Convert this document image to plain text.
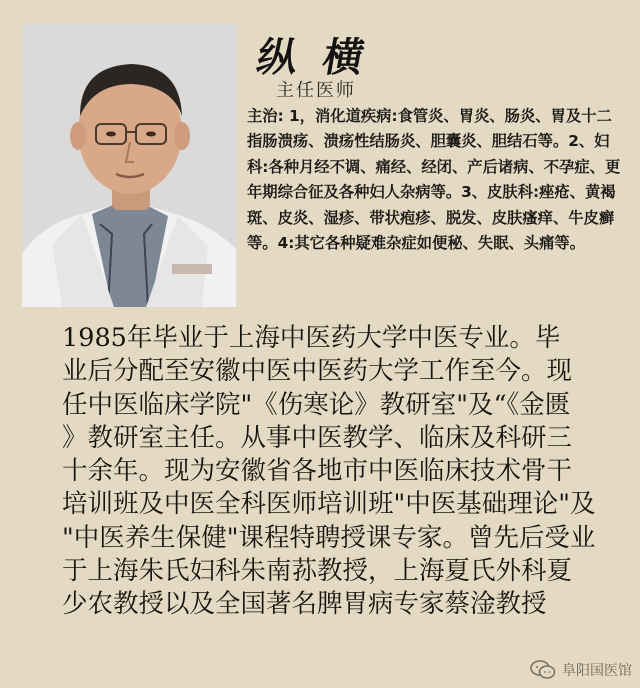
纵 横
主任医师
主治: 1，消化道疾病:食管炎、胃炎、肠炎、胃及十二指肠溃疡、溃疡性结肠炎、胆囊炎、胆结石等。2、妇科:各种月经不调、痛经、经闭、产后诸病、不孕症、更年期综合征及各种妇人杂病等。3、皮肤科:痤疮、黄褐斑、皮炎、湿疹、带状疱疹、脱发、皮肤瘙痒、牛皮癣等。4:其它各种疑难杂症如便秘、失眠、头痛等。
1985年毕业于上海中医药大学中医专业。毕
业后分配至安徽中医中医药大学工作至今。现
任中医临床学院"《伤寒论》教研室"及“《金匮
》教研室主任。从事中医教学、临床及科研三
十余年。现为安徽省各地市中医临床技术骨干
培训班及中医全科医师培训班"中医基础理论"及
"中医养生保健"课程特聘授课专家。曾先后受业
于上海朱氏妇科朱南荪教授，上海夏氏外科夏
少农教授以及全国著名脾胃病专家蔡淦教授
阜阳国医馆
